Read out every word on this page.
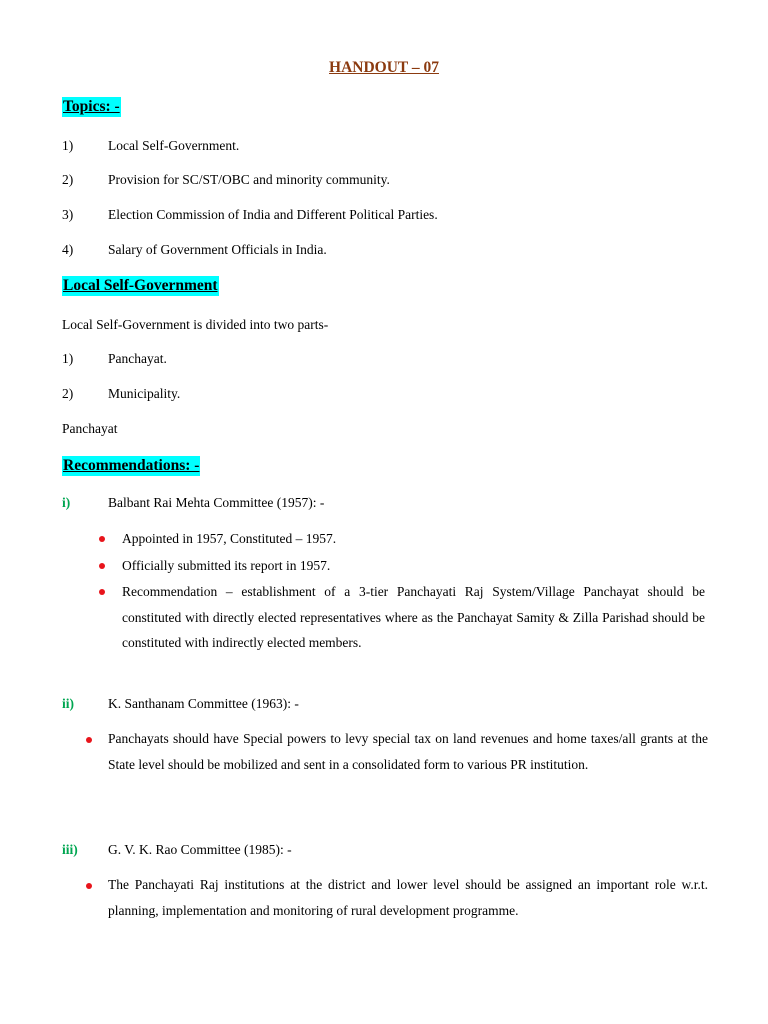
HANDOUT – 07
Topics: -
1)	Local Self-Government.
2)	Provision for SC/ST/OBC and minority community.
3)	Election Commission of India and Different Political Parties.
4)	Salary of Government Officials in India.
Local Self-Government
Local Self-Government is divided into two parts-
1)	Panchayat.
2)	Municipality.
Panchayat
Recommendations: -
i)	Balbant Rai Mehta Committee (1957): -
Appointed in 1957, Constituted – 1957.
Officially submitted its report in 1957.
Recommendation – establishment of a 3-tier Panchayati Raj System/Village Panchayat should be constituted with directly elected representatives where as the Panchayat Samity & Zilla Parishad should be constituted with indirectly elected members.
ii)	K. Santhanam Committee (1963): -
Panchayats should have Special powers to levy special tax on land revenues and home taxes/all grants at the State level should be mobilized and sent in a consolidated form to various PR institution.
iii) G. V. K. Rao Committee (1985): -
The Panchayati Raj institutions at the district and lower level should be assigned an important role w.r.t. planning, implementation and monitoring of rural development programme.
